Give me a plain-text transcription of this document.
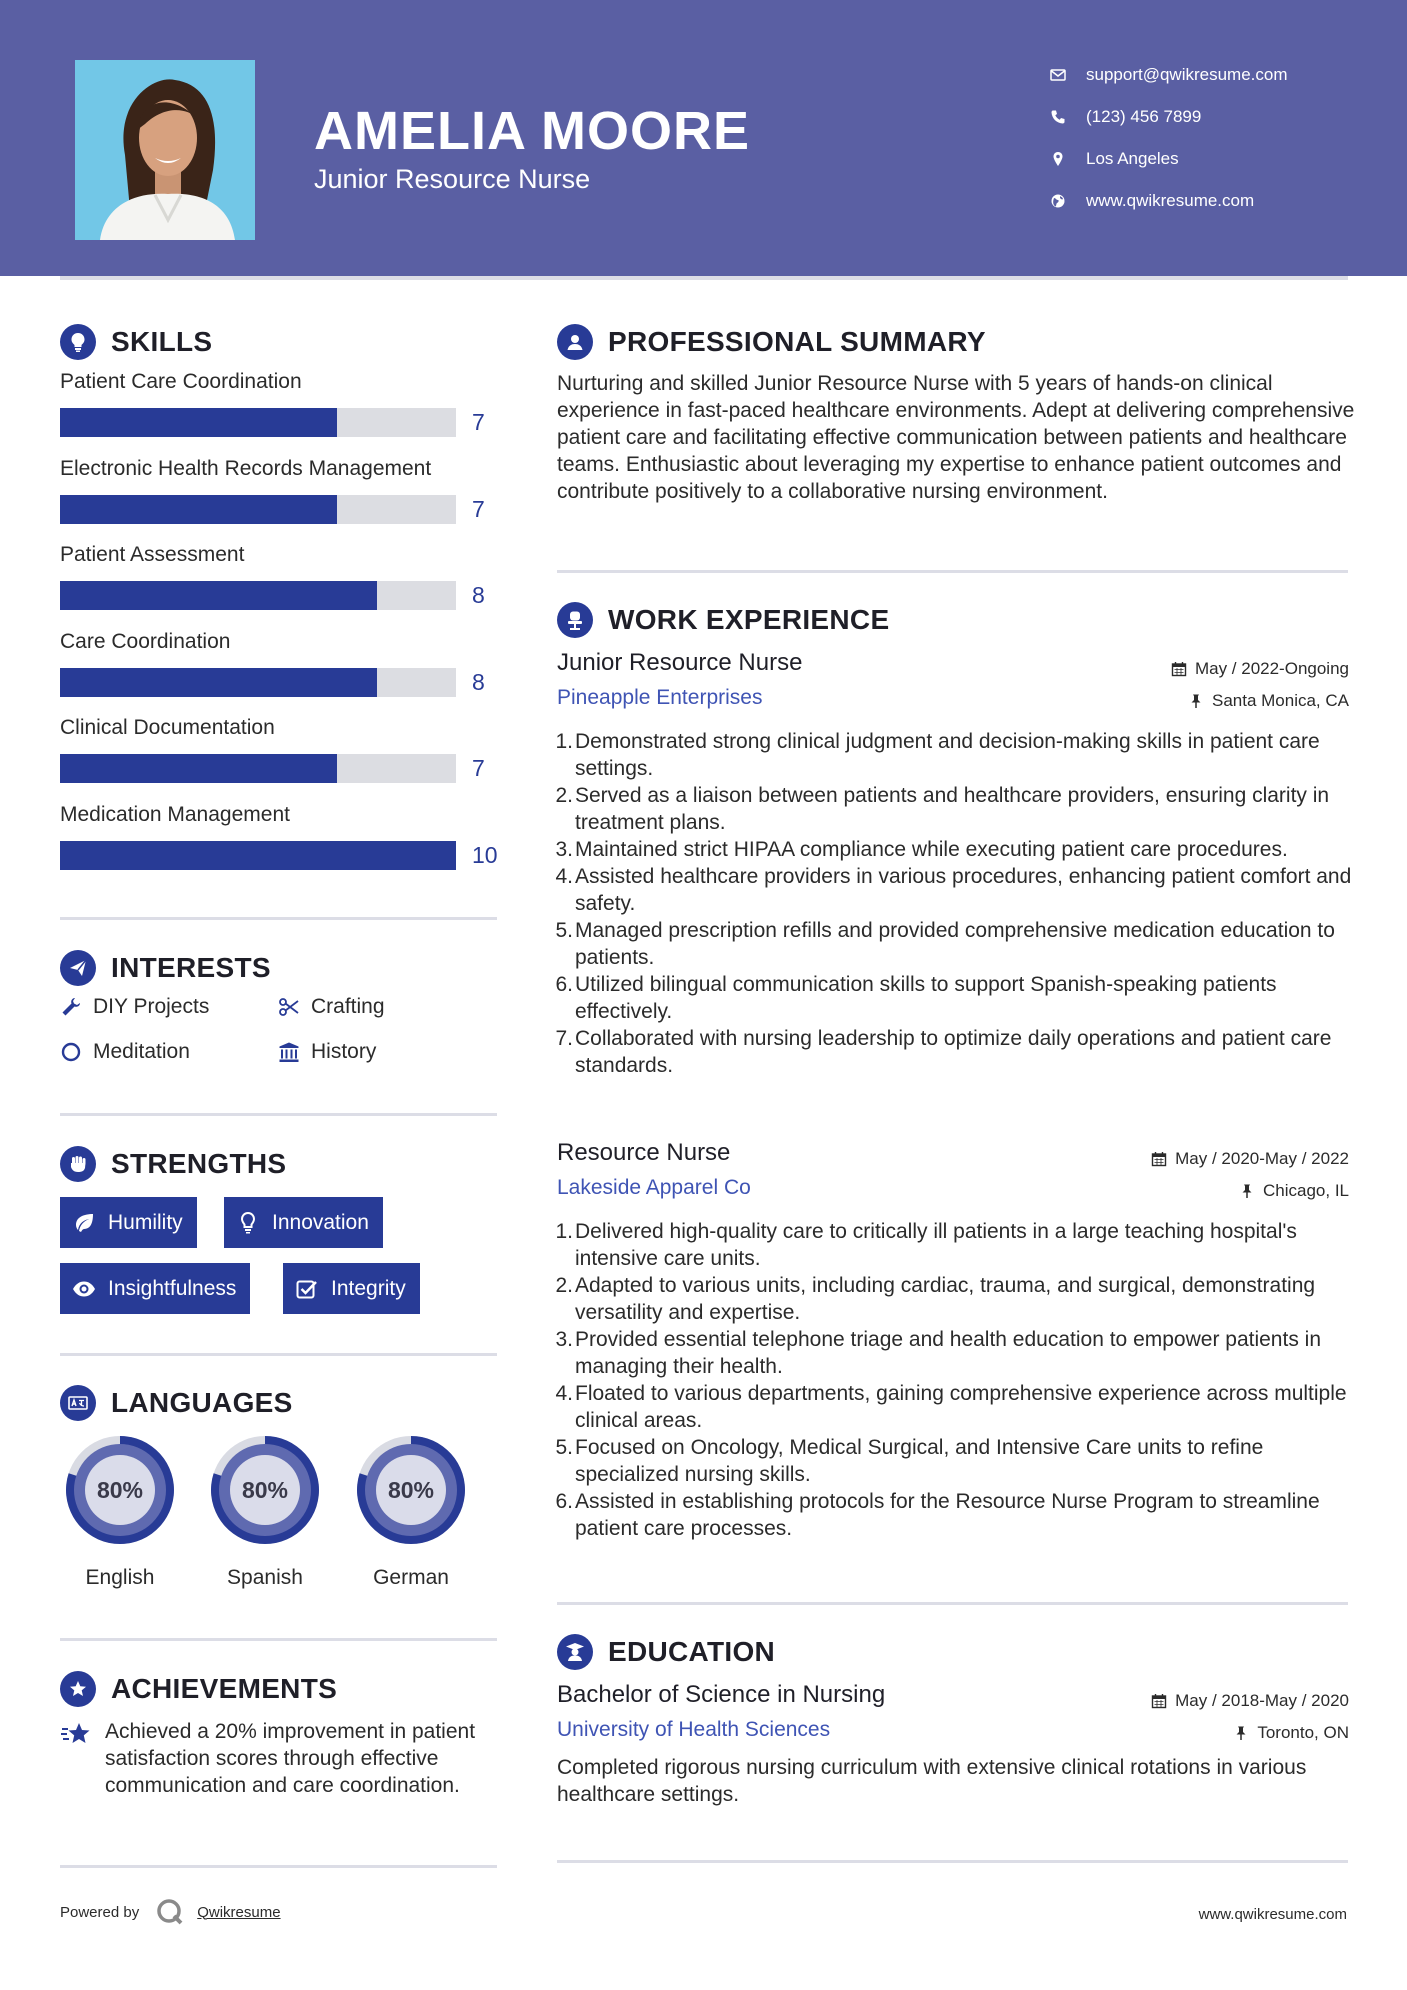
AMELIA MOORE
Junior Resource Nurse
support@qwikresume.com
(123) 456 7899
Los Angeles
www.qwikresume.com
SKILLS
Patient Care Coordination
7
Electronic Health Records Management
7
Patient Assessment
8
Care Coordination
8
Clinical Documentation
7
Medication Management
10
INTERESTS
DIY Projects	Crafting
Meditation	History
STRENGTHS
Humility	Innovation
Insightfulness	Integrity
LANGUAGES
80%
English
80%
Spanish
80%
German
ACHIEVEMENTS
Achieved a 20% improvement in patient satisfaction scores through effective communication and care coordination.
PROFESSIONAL SUMMARY
Nurturing and skilled Junior Resource Nurse with 5 years of hands-on clinical experience in fast-paced healthcare environments. Adept at delivering comprehensive patient care and facilitating effective communication between patients and healthcare teams. Enthusiastic about leveraging my expertise to enhance patient outcomes and contribute positively to a collaborative nursing environment.
WORK EXPERIENCE
Junior Resource Nurse
Pineapple Enterprises
May / 2022-Ongoing
Santa Monica, CA
1. Demonstrated strong clinical judgment and decision-making skills in patient care settings.
2. Served as a liaison between patients and healthcare providers, ensuring clarity in treatment plans.
3. Maintained strict HIPAA compliance while executing patient care procedures.
4. Assisted healthcare providers in various procedures, enhancing patient comfort and safety.
5. Managed prescription refills and provided comprehensive medication education to patients.
6. Utilized bilingual communication skills to support Spanish-speaking patients effectively.
7. Collaborated with nursing leadership to optimize daily operations and patient care standards.
Resource Nurse
Lakeside Apparel Co
May / 2020-May / 2022
Chicago, IL
1. Delivered high-quality care to critically ill patients in a large teaching hospital's intensive care units.
2. Adapted to various units, including cardiac, trauma, and surgical, demonstrating versatility and expertise.
3. Provided essential telephone triage and health education to empower patients in managing their health.
4. Floated to various departments, gaining comprehensive experience across multiple clinical areas.
5. Focused on Oncology, Medical Surgical, and Intensive Care units to refine specialized nursing skills.
6. Assisted in establishing protocols for the Resource Nurse Program to streamline patient care processes.
EDUCATION
Bachelor of Science in Nursing
University of Health Sciences
May / 2018-May / 2020
Toronto, ON
Completed rigorous nursing curriculum with extensive clinical rotations in various healthcare settings.
Powered by	Qwikresume	www.qwikresume.com
